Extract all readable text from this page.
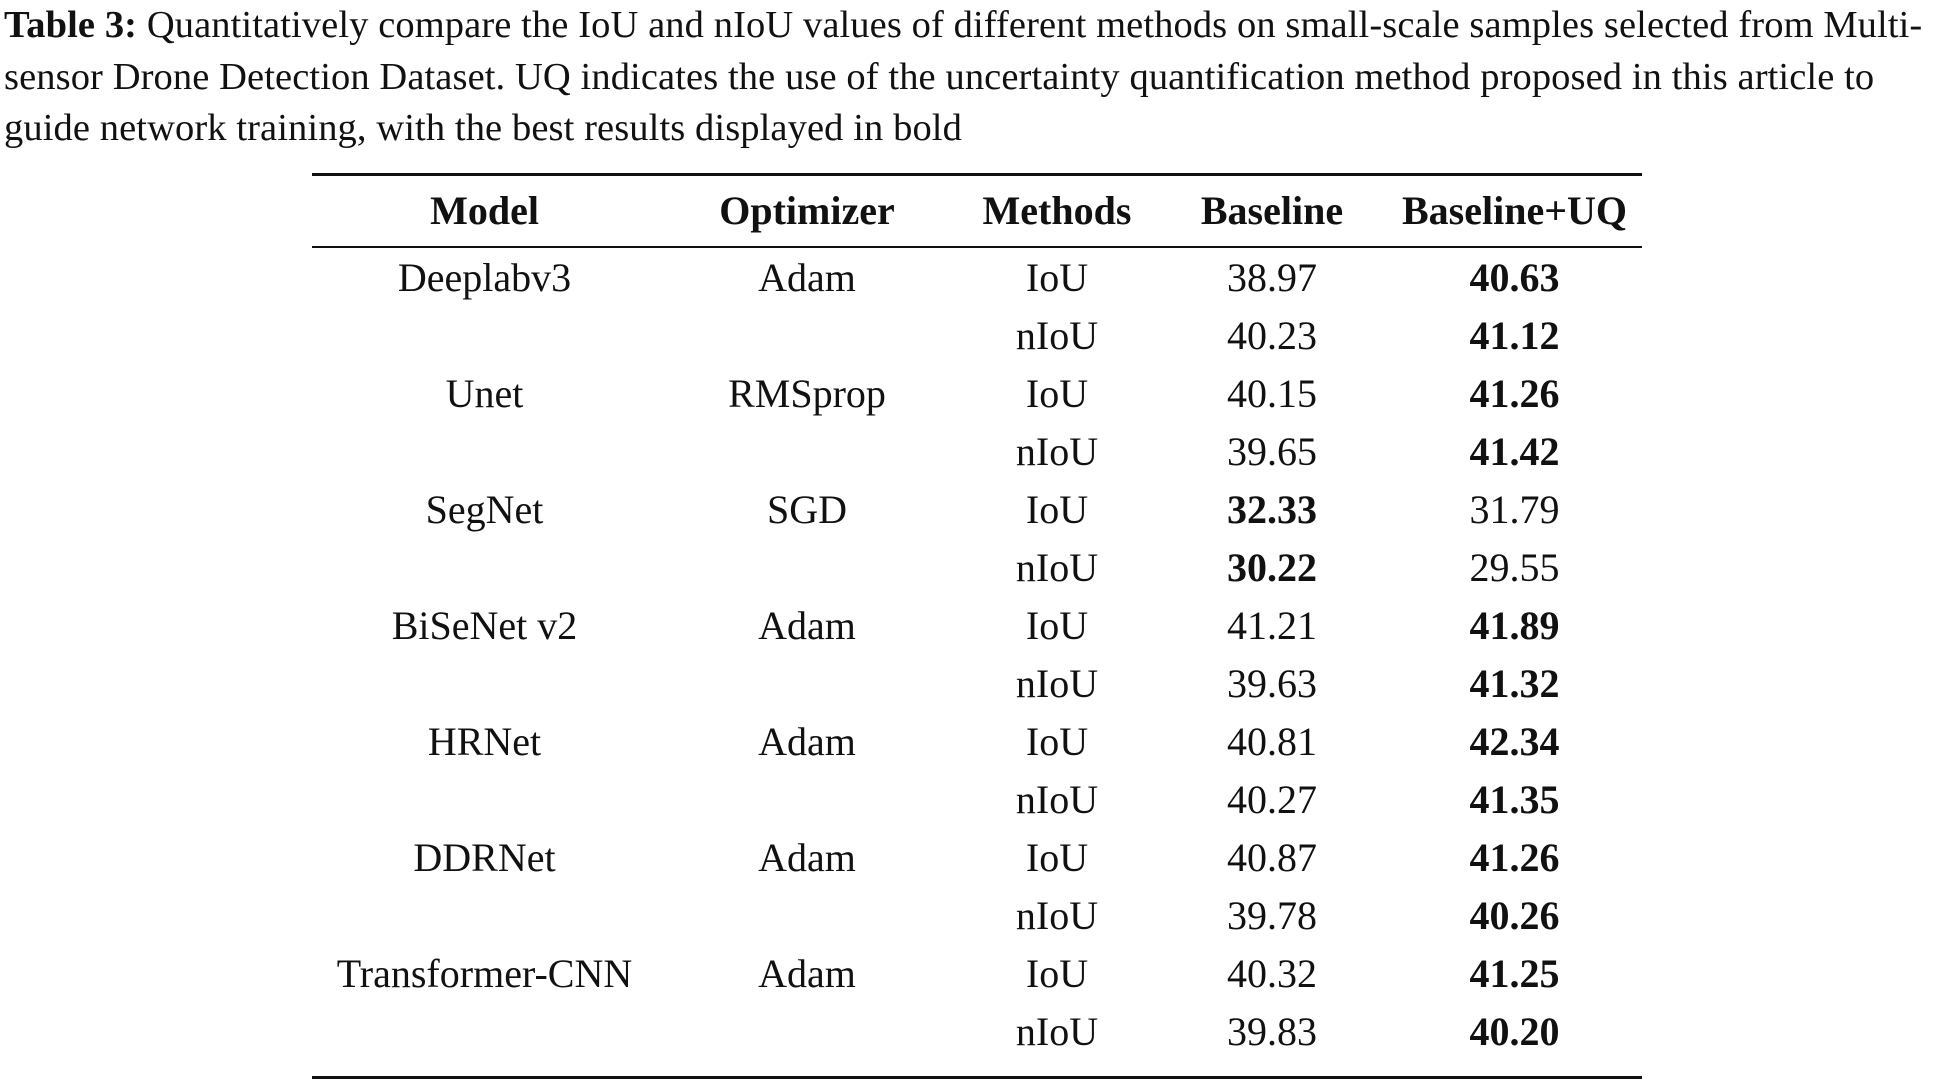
Table 3: Quantitatively compare the IoU and nIoU values of different methods on small-scale samples selected from Multi-sensor Drone Detection Dataset. UQ indicates the use of the uncertainty quantification method proposed in this article to guide network training, with the best results displayed in bold
Model	Optimizer	Methods	Baseline	Baseline+UQ
Deeplabv3	Adam	IoU	38.97	40.63
		nIoU	40.23	41.12
Unet	RMSprop	IoU	40.15	41.26
		nIoU	39.65	41.42
SegNet	SGD	IoU	32.33	31.79
		nIoU	30.22	29.55
BiSeNet v2	Adam	IoU	41.21	41.89
		nIoU	39.63	41.32
HRNet	Adam	IoU	40.81	42.34
		nIoU	40.27	41.35
DDRNet	Adam	IoU	40.87	41.26
		nIoU	39.78	40.26
Transformer-CNN	Adam	IoU	40.32	41.25
		nIoU	39.83	40.20
